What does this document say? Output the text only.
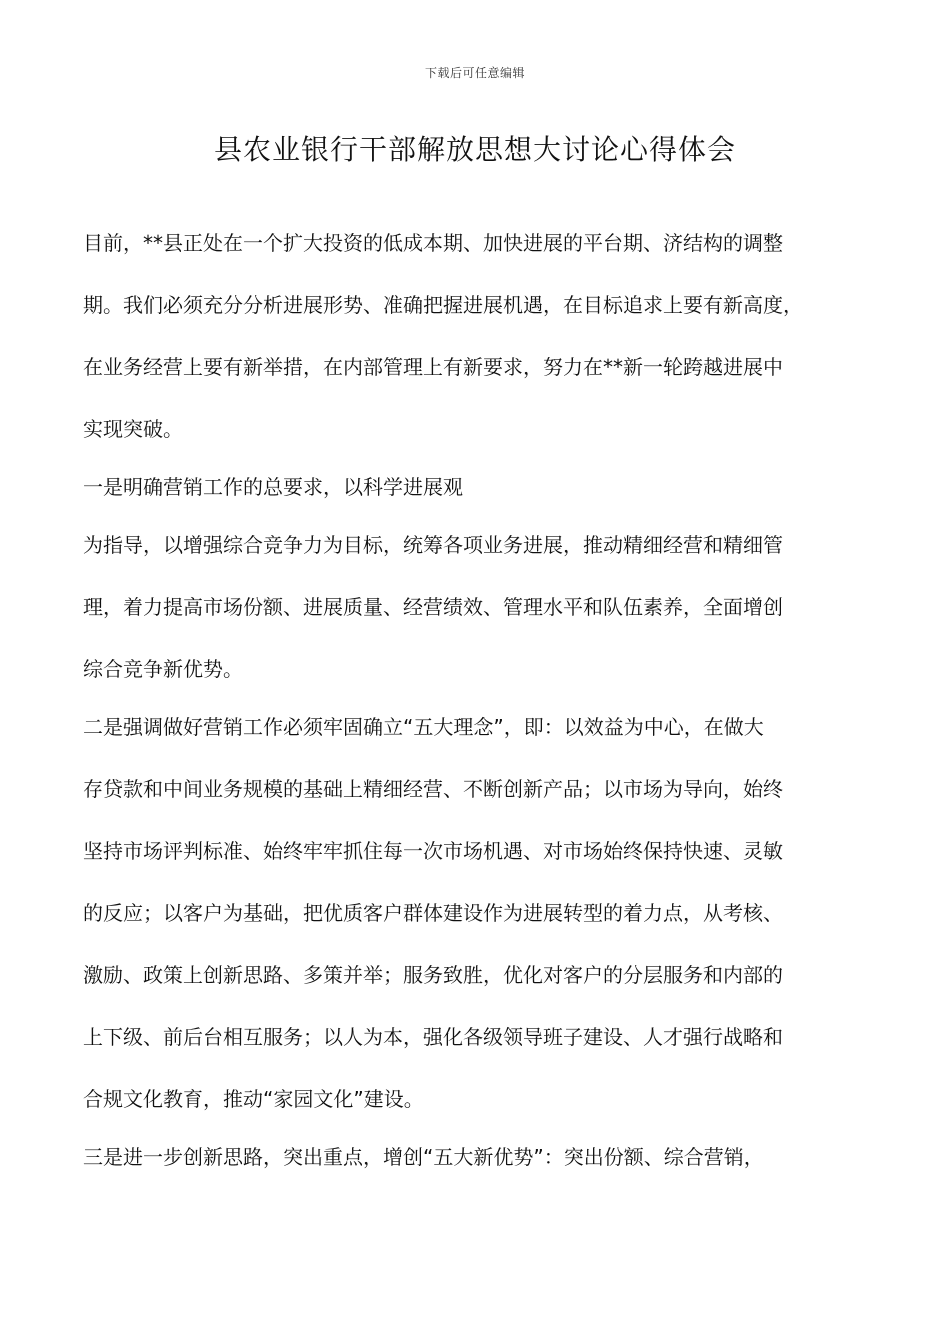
下载后可任意编辑
县农业银行干部解放思想大讨论心得体会

目前，**县正处在一个扩大投资的低成本期、加快进展的平台期、济结构的调整
期。我们必须充分分析进展形势、准确把握进展机遇，在目标追求上要有新高度，
在业务经营上要有新举措，在内部管理上有新要求，努力在**新一轮跨越进展中
实现突破。

一是明确营销工作的总要求，以科学进展观

为指导，以增强综合竞争力为目标，统筹各项业务进展，推动精细经营和精细管
理，着力提高市场份额、进展质量、经营绩效、管理水平和队伍素养，全面增创
综合竞争新优势。

二是强调做好营销工作必须牢固确立“五大理念”，即：以效益为中心，在做大
存贷款和中间业务规模的基础上精细经营、不断创新产品；以市场为导向，始终
坚持市场评判标准、始终牢牢抓住每一次市场机遇、对市场始终保持快速、灵敏
的反应；以客户为基础，把优质客户群体建设作为进展转型的着力点，从考核、
激励、政策上创新思路、多策并举；服务致胜，优化对客户的分层服务和内部的
上下级、前后台相互服务；以人为本，强化各级领导班子建设、人才强行战略和
合规文化教育，推动“家园文化”建设。

三是进一步创新思路，突出重点，增创“五大新优势”：突出份额、综合营销，
